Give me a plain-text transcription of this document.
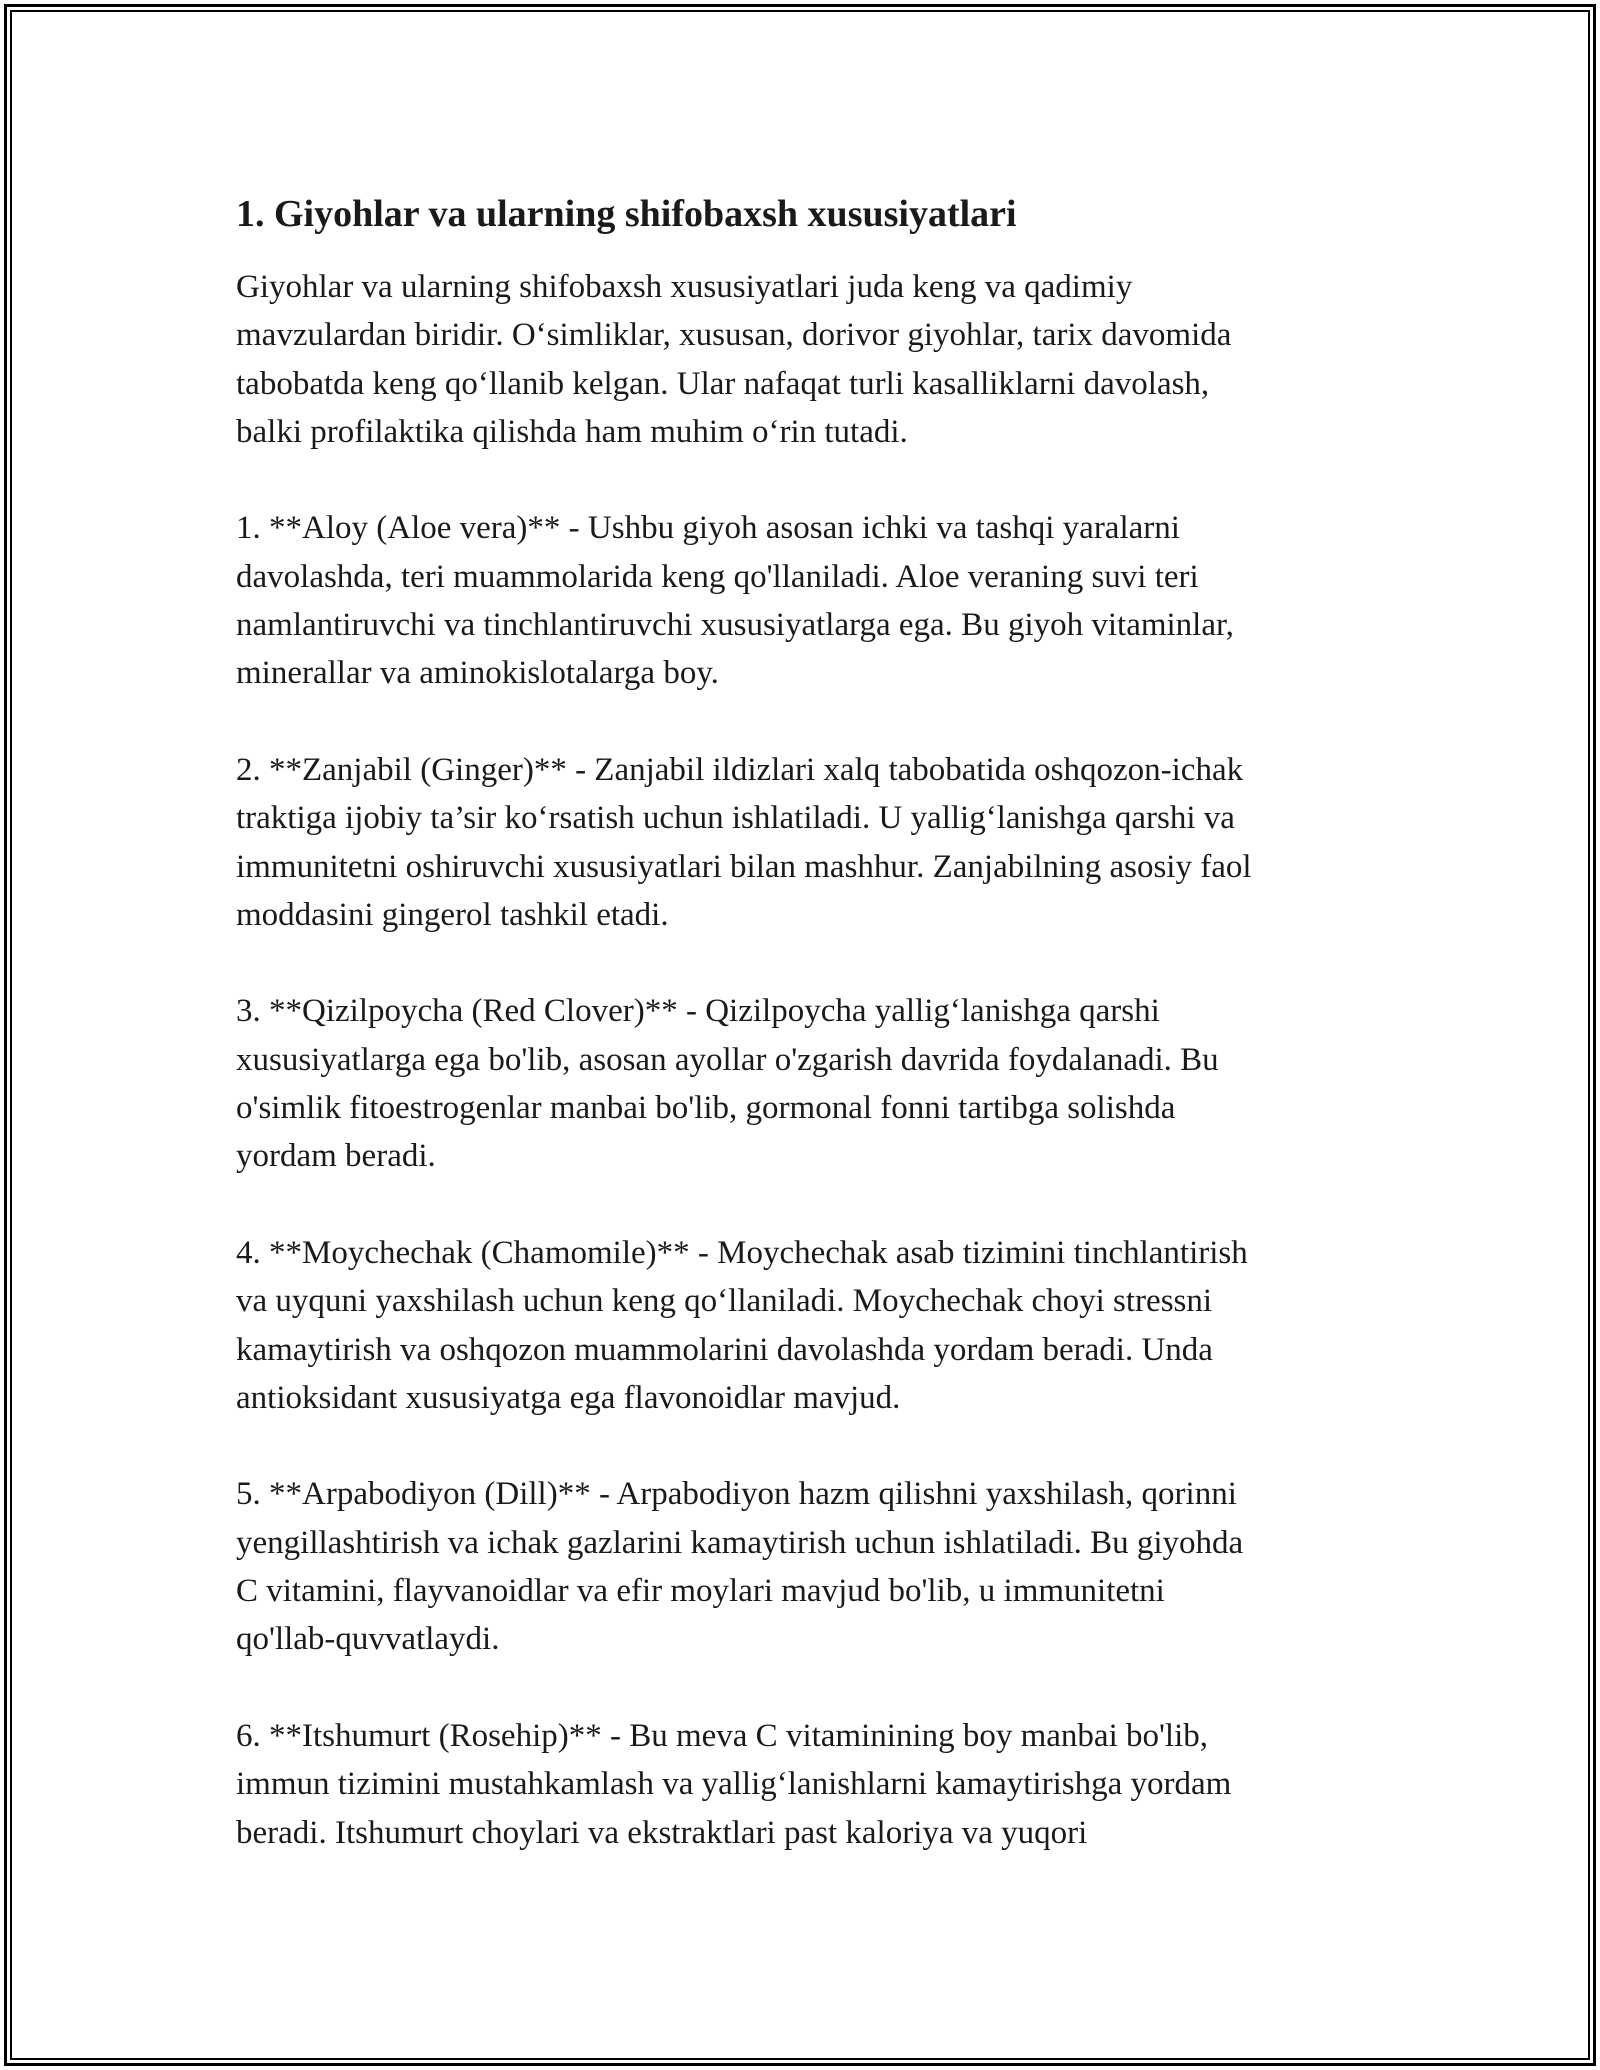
1. Giyohlar va ularning shifobaxsh xususiyatlari

Giyohlar va ularning shifobaxsh xususiyatlari juda keng va qadimiy
mavzulardan biridir. O‘simliklar, xususan, dorivor giyohlar, tarix davomida
tabobatda keng qo‘llanib kelgan. Ular nafaqat turli kasalliklarni davolash,
balki profilaktika qilishda ham muhim o‘rin tutadi.

1. **Aloy (Aloe vera)** - Ushbu giyoh asosan ichki va tashqi yaralarni
davolashda, teri muammolarida keng qo'llaniladi. Aloe veraning suvi teri
namlantiruvchi va tinchlantiruvchi xususiyatlarga ega. Bu giyoh vitaminlar,
minerallar va aminokislotalarga boy.

2. **Zanjabil (Ginger)** - Zanjabil ildizlari xalq tabobatida oshqozon-ichak
traktiga ijobiy ta’sir ko‘rsatish uchun ishlatiladi. U yallig‘lanishga qarshi va
immunitetni oshiruvchi xususiyatlari bilan mashhur. Zanjabilning asosiy faol
moddasini gingerol tashkil etadi.

3. **Qizilpoycha (Red Clover)** - Qizilpoycha yallig‘lanishga qarshi
xususiyatlarga ega bo'lib, asosan ayollar o'zgarish davrida foydalanadi. Bu
o'simlik fitoestrogenlar manbai bo'lib, gormonal fonni tartibga solishda
yordam beradi.

4. **Moychechak (Chamomile)** - Moychechak asab tizimini tinchlantirish
va uyquni yaxshilash uchun keng qo‘llaniladi. Moychechak choyi stressni
kamaytirish va oshqozon muammolarini davolashda yordam beradi. Unda
antioksidant xususiyatga ega flavonoidlar mavjud.

5. **Arpabodiyon (Dill)** - Arpabodiyon hazm qilishni yaxshilash, qorinni
yengillashtirish va ichak gazlarini kamaytirish uchun ishlatiladi. Bu giyohda
C vitamini, flayvanoidlar va efir moylari mavjud bo'lib, u immunitetni
qo'llab-quvvatlaydi.

6. **Itshumurt (Rosehip)** - Bu meva C vitaminining boy manbai bo'lib,
immun tizimini mustahkamlash va yallig‘lanishlarni kamaytirishga yordam
beradi. Itshumurt choylari va ekstraktlari past kaloriya va yuqori
